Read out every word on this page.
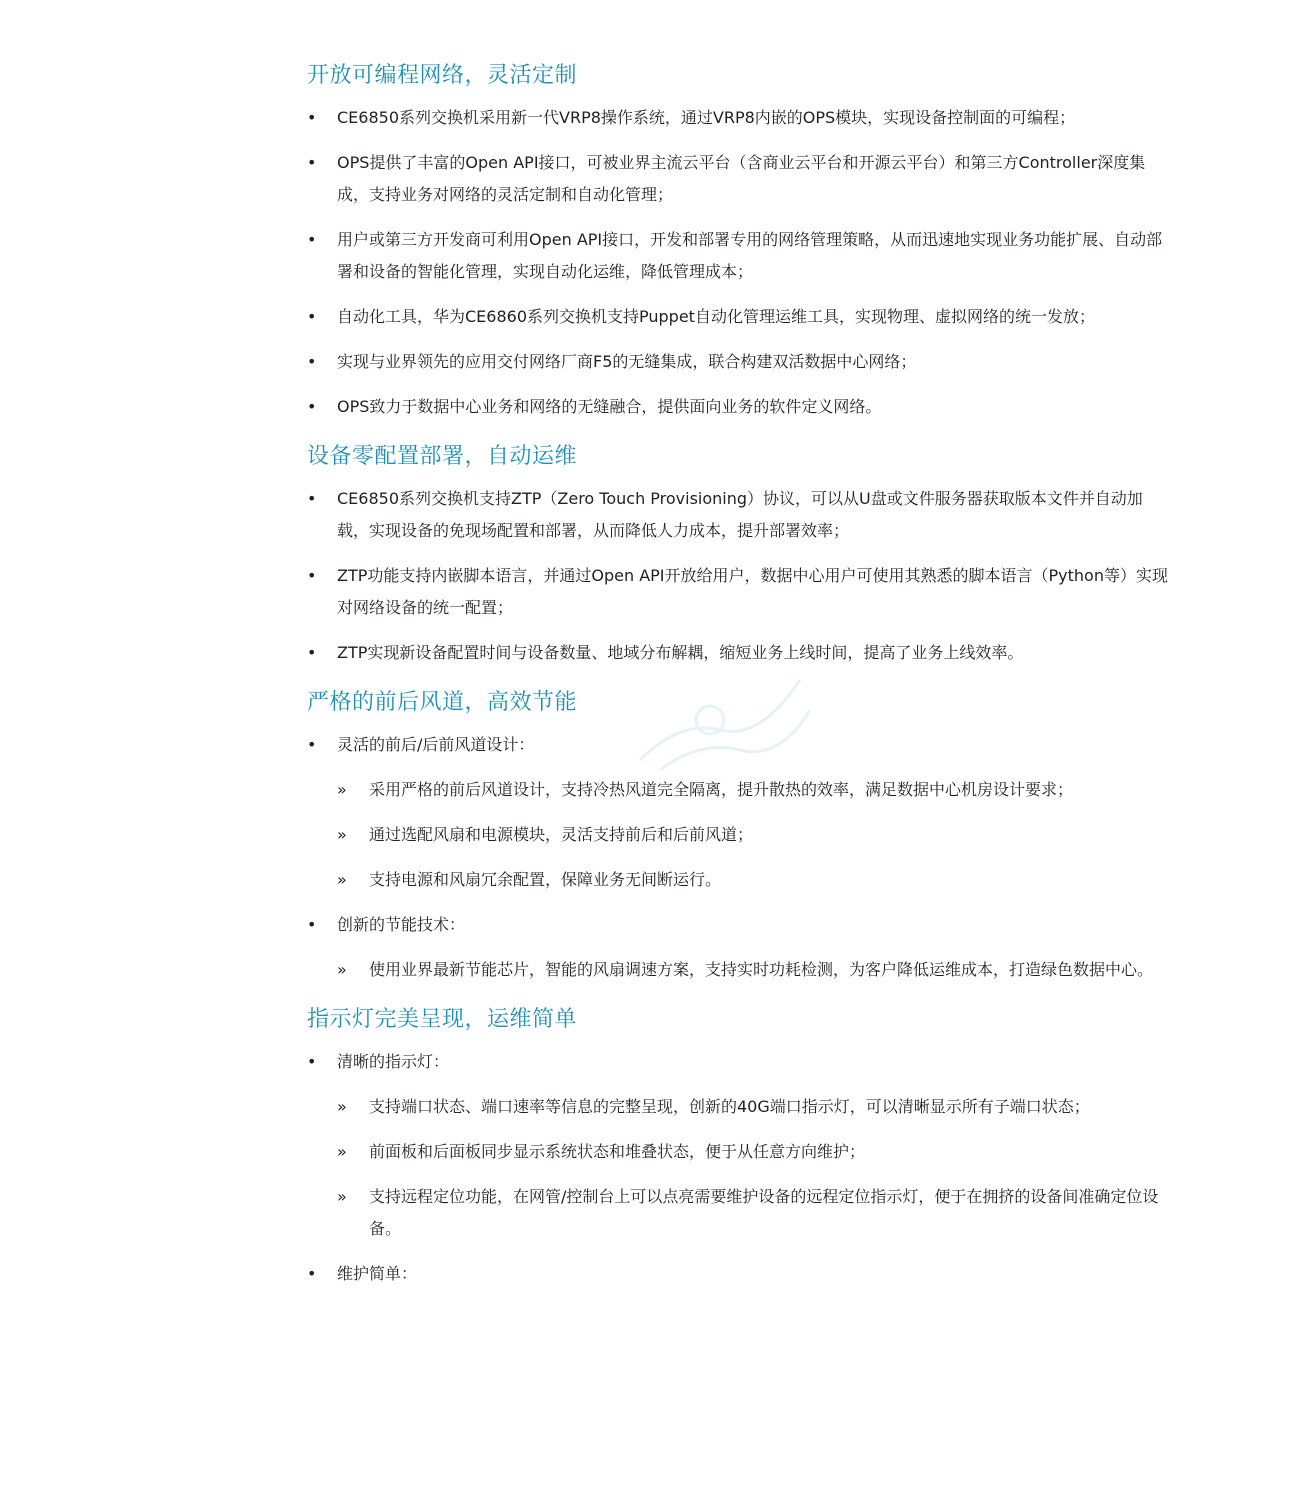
开放可编程网络，灵活定制
• CE6850系列交换机采用新一代VRP8操作系统，通过VRP8内嵌的OPS模块，实现设备控制面的可编程；
• OPS提供了丰富的Open API接口，可被业界主流云平台（含商业云平台和开源云平台）和第三方Controller深度集成，支持业务对网络的灵活定制和自动化管理；
• 用户或第三方开发商可利用Open API接口，开发和部署专用的网络管理策略，从而迅速地实现业务功能扩展、自动部署和设备的智能化管理，实现自动化运维，降低管理成本；
• 自动化工具，华为CE6860系列交换机支持Puppet自动化管理运维工具，实现物理、虚拟网络的统一发放；
• 实现与业界领先的应用交付网络厂商F5的无缝集成，联合构建双活数据中心网络；
• OPS致力于数据中心业务和网络的无缝融合，提供面向业务的软件定义网络。
设备零配置部署，自动运维
• CE6850系列交换机支持ZTP（Zero Touch Provisioning）协议，可以从U盘或文件服务器获取版本文件并自动加载，实现设备的免现场配置和部署，从而降低人力成本，提升部署效率；
• ZTP功能支持内嵌脚本语言，并通过Open API开放给用户，数据中心用户可使用其熟悉的脚本语言（Python等）实现对网络设备的统一配置；
• ZTP实现新设备配置时间与设备数量、地域分布解耦，缩短业务上线时间，提高了业务上线效率。
严格的前后风道，高效节能
• 灵活的前后/后前风道设计：
»	采用严格的前后风道设计，支持冷热风道完全隔离，提升散热的效率，满足数据中心机房设计要求；
»	通过选配风扇和电源模块，灵活支持前后和后前风道；
»	支持电源和风扇冗余配置，保障业务无间断运行。
• 创新的节能技术：
»	使用业界最新节能芯片，智能的风扇调速方案，支持实时功耗检测，为客户降低运维成本，打造绿色数据中心。
指示灯完美呈现，运维简单
• 清晰的指示灯：
»	支持端口状态、端口速率等信息的完整呈现，创新的40G端口指示灯，可以清晰显示所有子端口状态；
»	前面板和后面板同步显示系统状态和堆叠状态，便于从任意方向维护；
»	支持远程定位功能，在网管/控制台上可以点亮需要维护设备的远程定位指示灯，便于在拥挤的设备间准确定位设备。
• 维护简单：
